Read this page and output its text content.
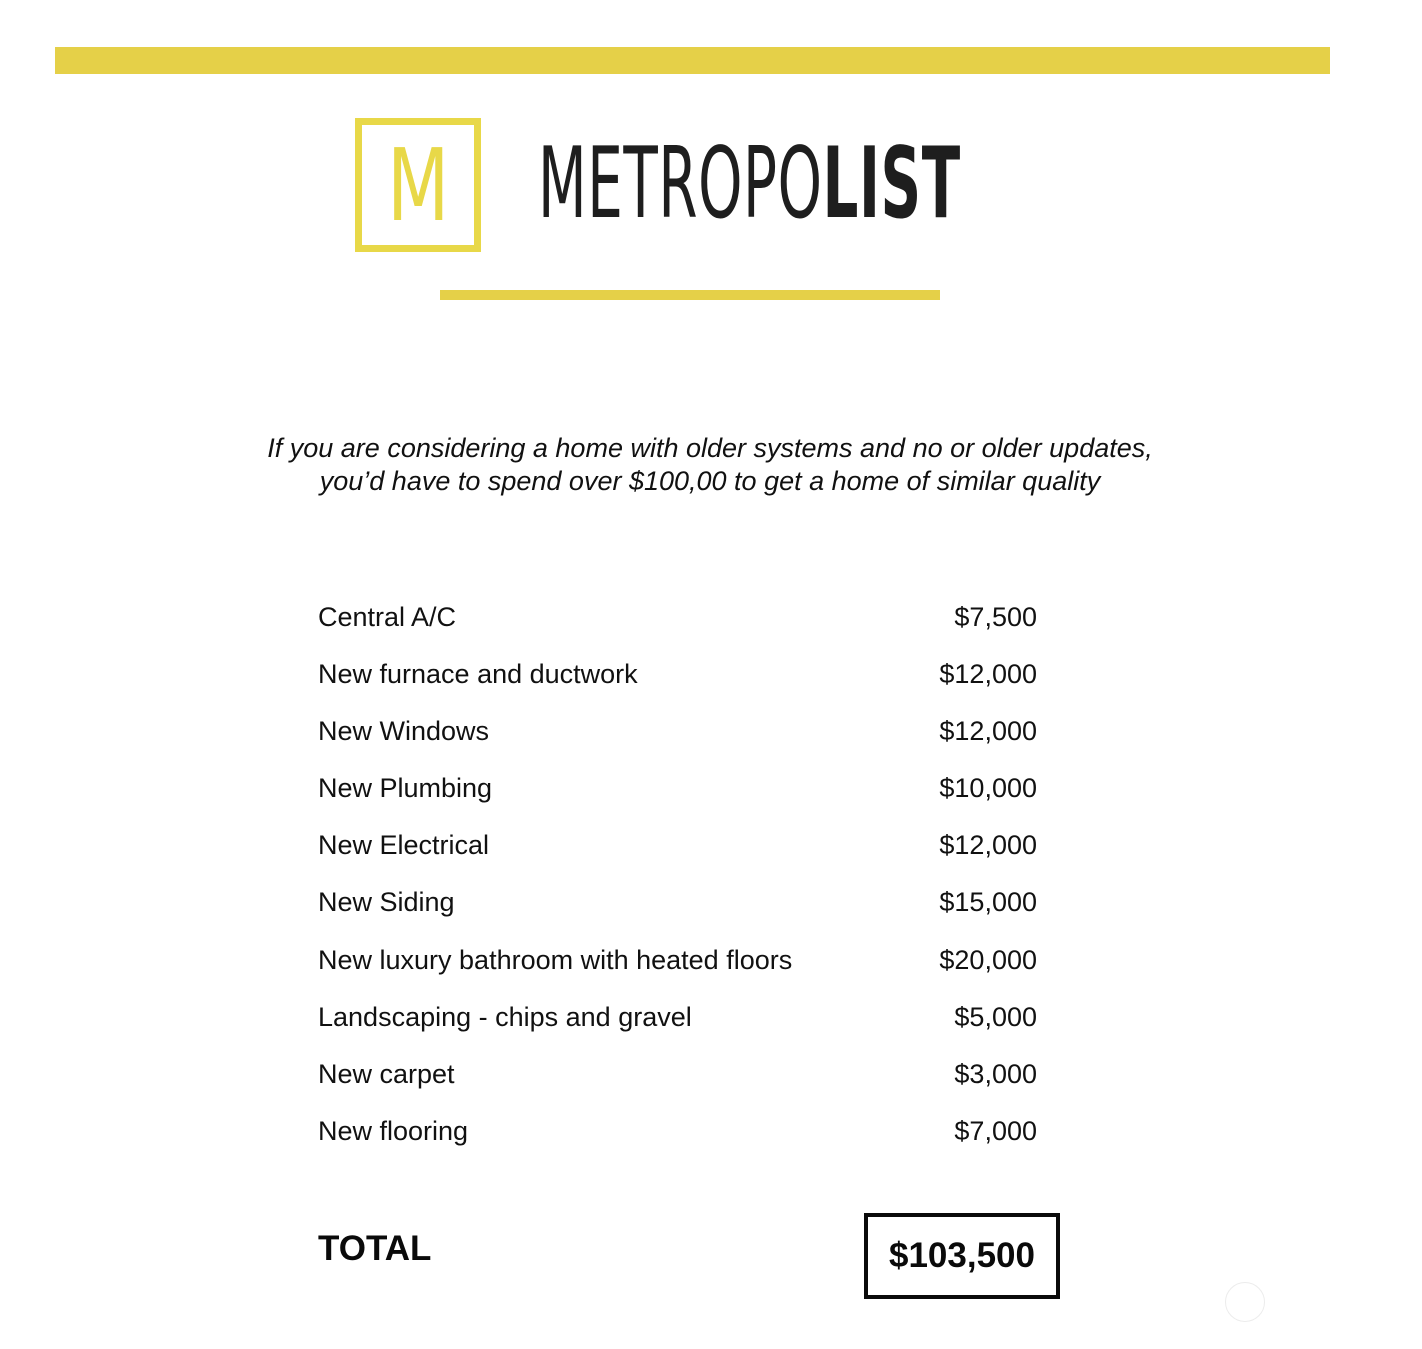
M METROPOLIST
If you are considering a home with older systems and no or older updates,
you’d have to spend over $100,00 to get a home of similar quality
Central A/C	$7,500
New furnace and ductwork	$12,000
New Windows	$12,000
New Plumbing	$10,000
New Electrical	$12,000
New Siding	$15,000
New luxury bathroom with heated floors	$20,000
Landscaping - chips and gravel	$5,000
New carpet	$3,000
New flooring	$7,000
TOTAL	$103,500
